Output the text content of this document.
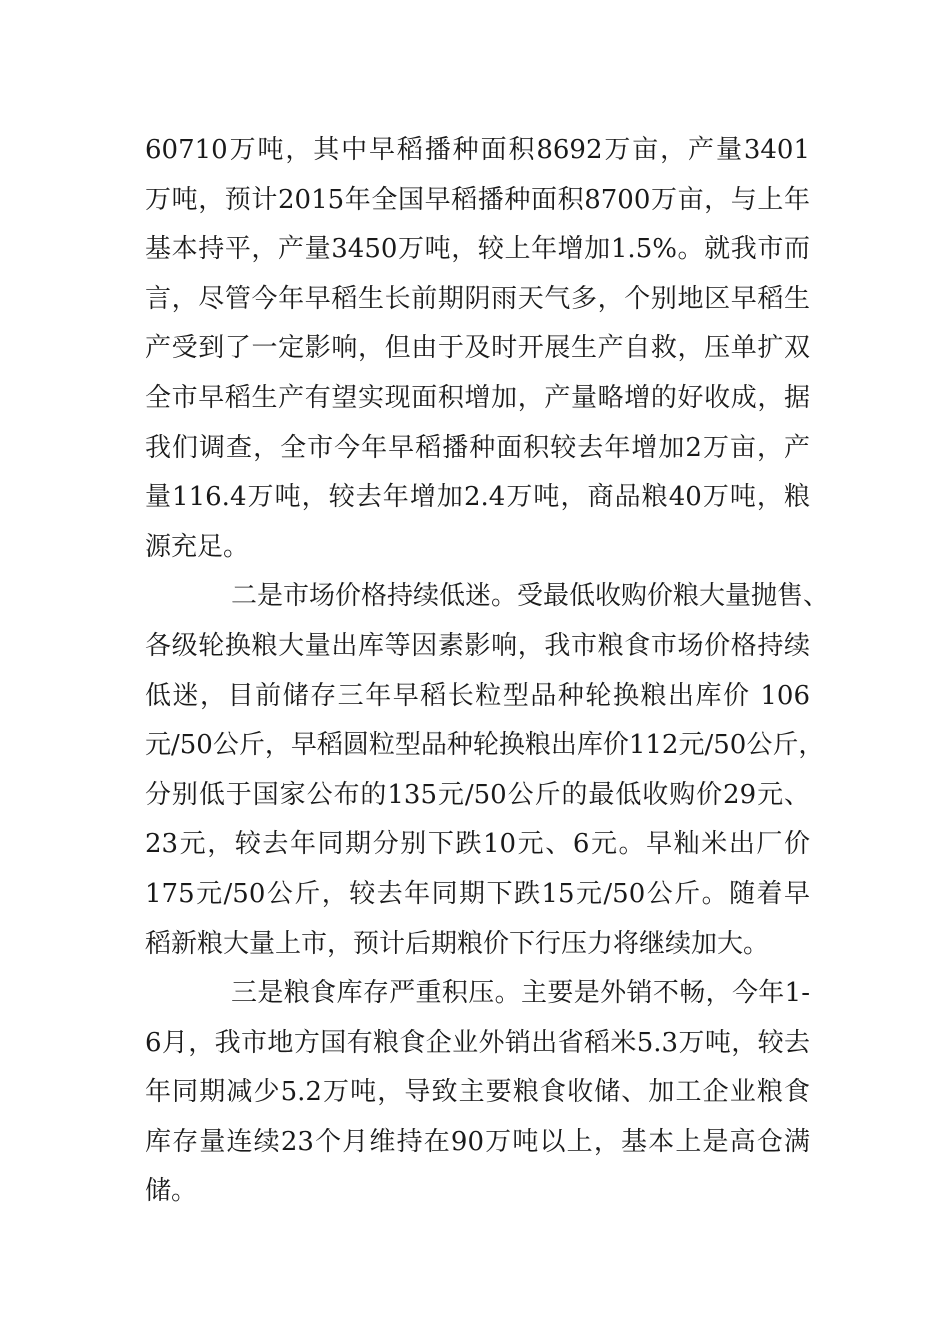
60710万吨，其中早稻播种面积8692万亩，产量3401
万吨，预计2015年全国早稻播种面积8700万亩，与上年
基本持平，产量3450万吨，较上年增加1.5%。就我市而
言，尽管今年早稻生长前期阴雨天气多，个别地区早稻生
产受到了一定影响，但由于及时开展生产自救，压单扩双
全市早稻生产有望实现面积增加，产量略增的好收成，据
我们调查，全市今年早稻播种面积较去年增加2万亩，产
量116.4万吨，较去年增加2.4万吨，商品粮40万吨，粮
源充足。
二是市场价格持续低迷。受最低收购价粮大量抛售、
各级轮换粮大量出库等因素影响，我市粮食市场价格持续
低迷，目前储存三年早稻长粒型品种轮换粮出库价 106
元/50公斤，早稻圆粒型品种轮换粮出库价112元/50公斤，
分别低于国家公布的135元/50公斤的最低收购价29元、
23元，较去年同期分别下跌10元、6元。早籼米出厂价
175元/50公斤，较去年同期下跌15元/50公斤。随着早
稻新粮大量上市，预计后期粮价下行压力将继续加大。
三是粮食库存严重积压。主要是外销不畅，今年1-
6月，我市地方国有粮食企业外销出省稻米5.3万吨，较去
年同期减少5.2万吨，导致主要粮食收储、加工企业粮食
库存量连续23个月维持在90万吨以上，基本上是高仓满
储。
